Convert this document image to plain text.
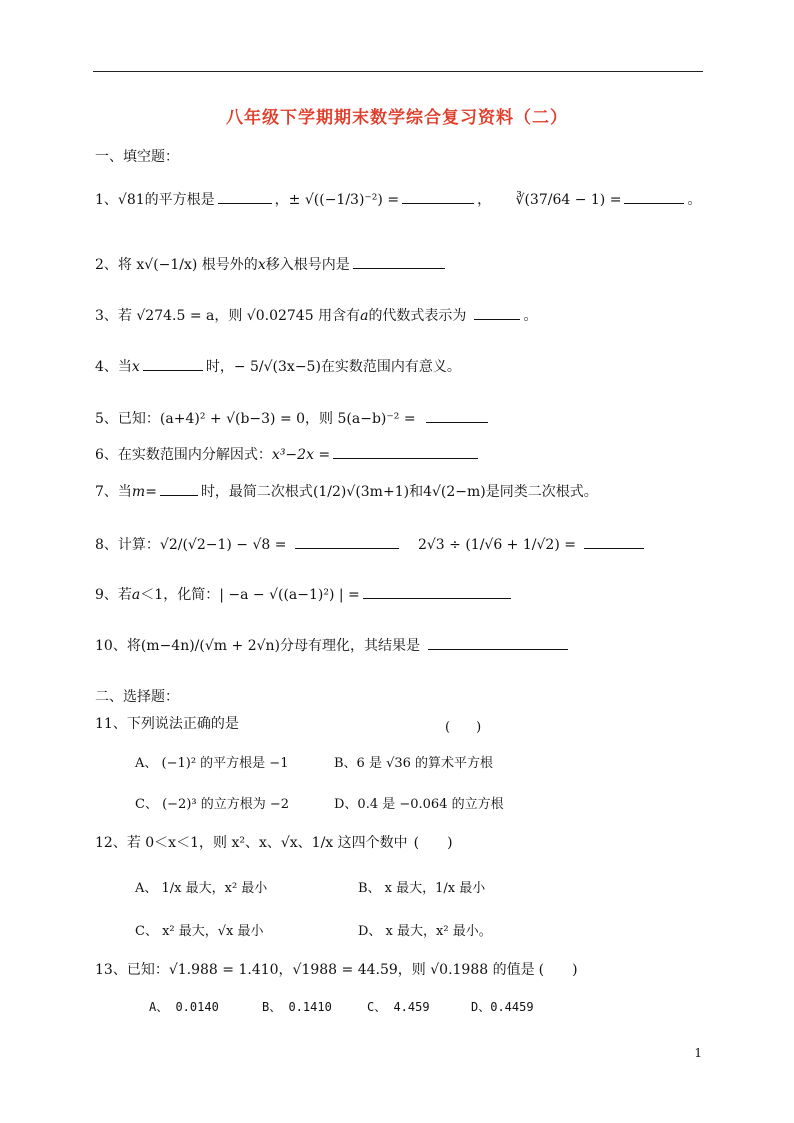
八年级下学期期末数学综合复习资料（二）
一、填空题：
1、√81的平方根是	，± √((−1/3)⁻²) =	， ∛(37/64 − 1) =	。
2、将 x√(−1/x) 根号外的x移入根号内是
3、若 √274.5 = a，则 √0.02745 用含有a的代数式表示为	。
4、当x	时，− 5/√(3x−5)在实数范围内有意义。
5、已知：(a+4)² + √(b−3) = 0，则 5(a−b)⁻² =
6、在实数范围内分解因式：x³−2x =
7、当m=	时，最简二次根式(1/2)√(3m+1)和4√(2−m)是同类二次根式。
8、计算：√2/(√2−1) − √8 =	2√3 ÷ (1/√6 + 1/√2) =
9、若a＜1，化简：| −a − √((a−1)²) | =
10、将(m−4n)/(√m + 2√n)分母有理化，其结果是
二、选择题：
11、下列说法正确的是	(　　)
A、 (−1)² 的平方根是 −1	B、6 是 √36 的算术平方根
C、 (−2)³ 的立方根为 −2	D、0.4 是 −0.064 的立方根
12、若 0＜x＜1，则 x²、x、√x、1/x 这四个数中 (　　)
A、 1/x 最大，x² 最小	B、 x 最大，1/x 最小
C、 x² 最大，√x 最小	D、 x 最大，x² 最小。
13、已知：√1.988 = 1.410，√1988 = 44.59，则 √0.1988 的值是 (　　)
A、 0.0140	B、 0.1410	C、 4.459	D、0.4459
1
